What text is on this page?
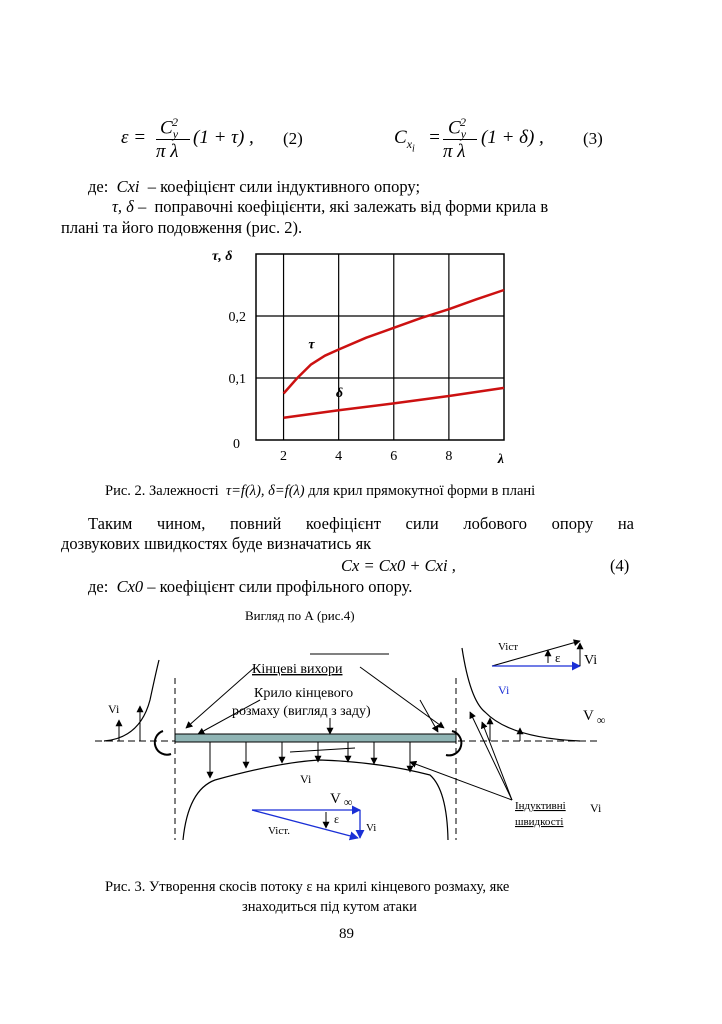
$\varepsilon = C_y^2$
π λ
(1 + τ) , (2)	$C_{x_i}$
= $C_y^2$
π λ
(1 + δ) , (3)
де: Cxi – коефіцієнт сили індуктивного опору;
τ, δ – поправочні коефіцієнти, які залежать від форми крила в
плані та його подовження (рис. 2).
τ
δ
2	4	6	8
0,1
0,2
0
τ, δ
λ
Рис. 2. Залежності τ=f(λ), δ=f(λ) для крил прямокутної форми в плані
Таким чином, повний коефіцієнт сили лобового опору на
дозвукових швидкостях буде визначатись як
Cx = Cx0 + Cxi ,	(4)
де: Cx0 – коефіцієнт сили профільного опору.
Вигляд по А (рис.4)
Vi
Vi
Кінцеві вихори
Крило кінцевого
розмаху (вигляд з заду)
Індуктивні
швидкості
Vi
Viст
ε Vi
Vi
V $_\infty$
V $_\infty$
ε
Vi
Viст.
Рис. 3. Утворення скосів потоку ε на крилі кінцевого розмаху, яке
знаходиться під кутом атаки
89
